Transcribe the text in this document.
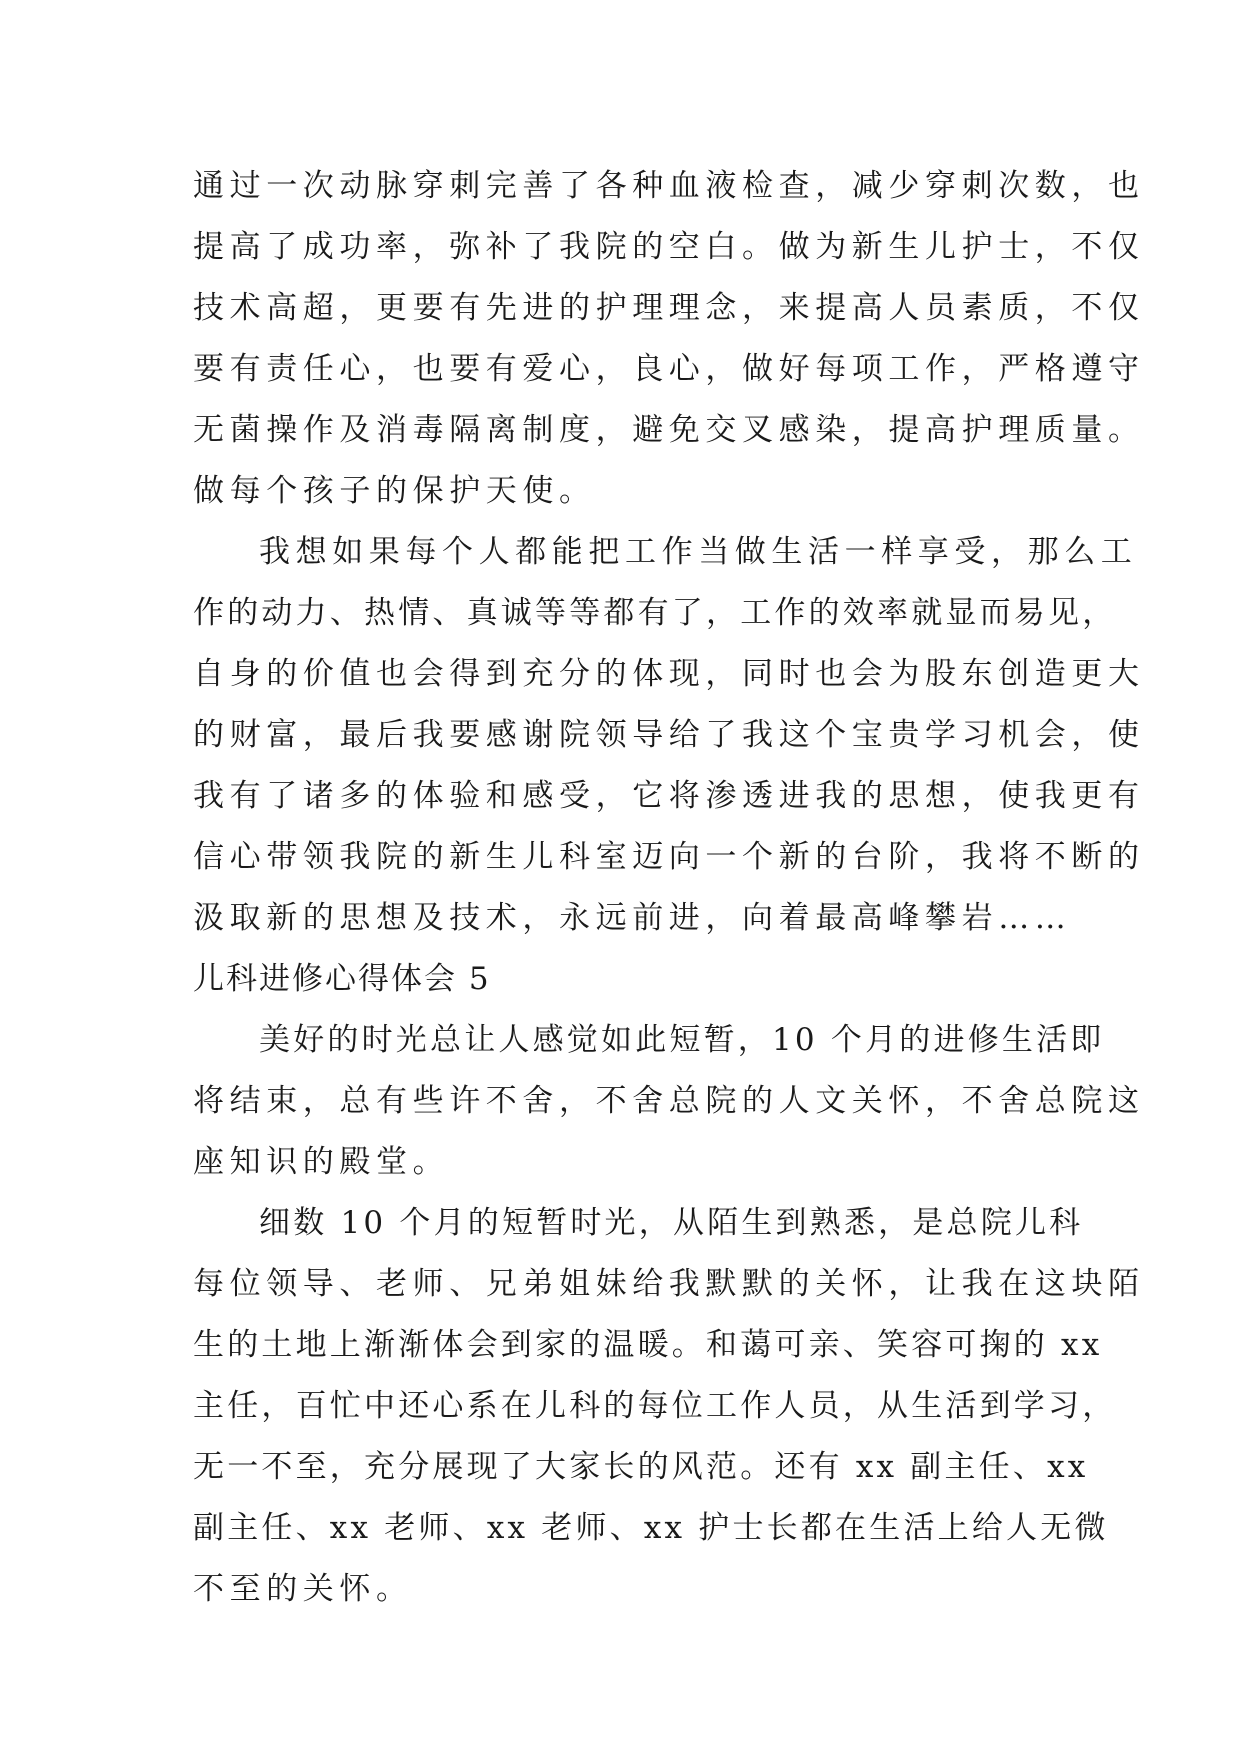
通过一次动脉穿刺完善了各种血液检查，减少穿刺次数，也
提高了成功率，弥补了我院的空白。做为新生儿护士，不仅
技术高超，更要有先进的护理理念，来提高人员素质，不仅
要有责任心，也要有爱心，良心，做好每项工作，严格遵守
无菌操作及消毒隔离制度，避免交叉感染，提高护理质量。
做每个孩子的保护天使。
我想如果每个人都能把工作当做生活一样享受，那么工
作的动力、热情、真诚等等都有了，工作的效率就显而易见，
自身的价值也会得到充分的体现，同时也会为股东创造更大
的财富，最后我要感谢院领导给了我这个宝贵学习机会，使
我有了诸多的体验和感受，它将渗透进我的思想，使我更有
信心带领我院的新生儿科室迈向一个新的台阶，我将不断的
汲取新的思想及技术，永远前进，向着最高峰攀岩……
儿科进修心得体会 5
美好的时光总让人感觉如此短暂，10 个月的进修生活即
将结束，总有些许不舍，不舍总院的人文关怀，不舍总院这
座知识的殿堂。
细数 10 个月的短暂时光，从陌生到熟悉，是总院儿科
每位领导、老师、兄弟姐妹给我默默的关怀，让我在这块陌
生的土地上渐渐体会到家的温暖。和蔼可亲、笑容可掬的 xx
主任，百忙中还心系在儿科的每位工作人员，从生活到学习，
无一不至，充分展现了大家长的风范。还有 xx 副主任、xx
副主任、xx 老师、xx 老师、xx 护士长都在生活上给人无微
不至的关怀。
